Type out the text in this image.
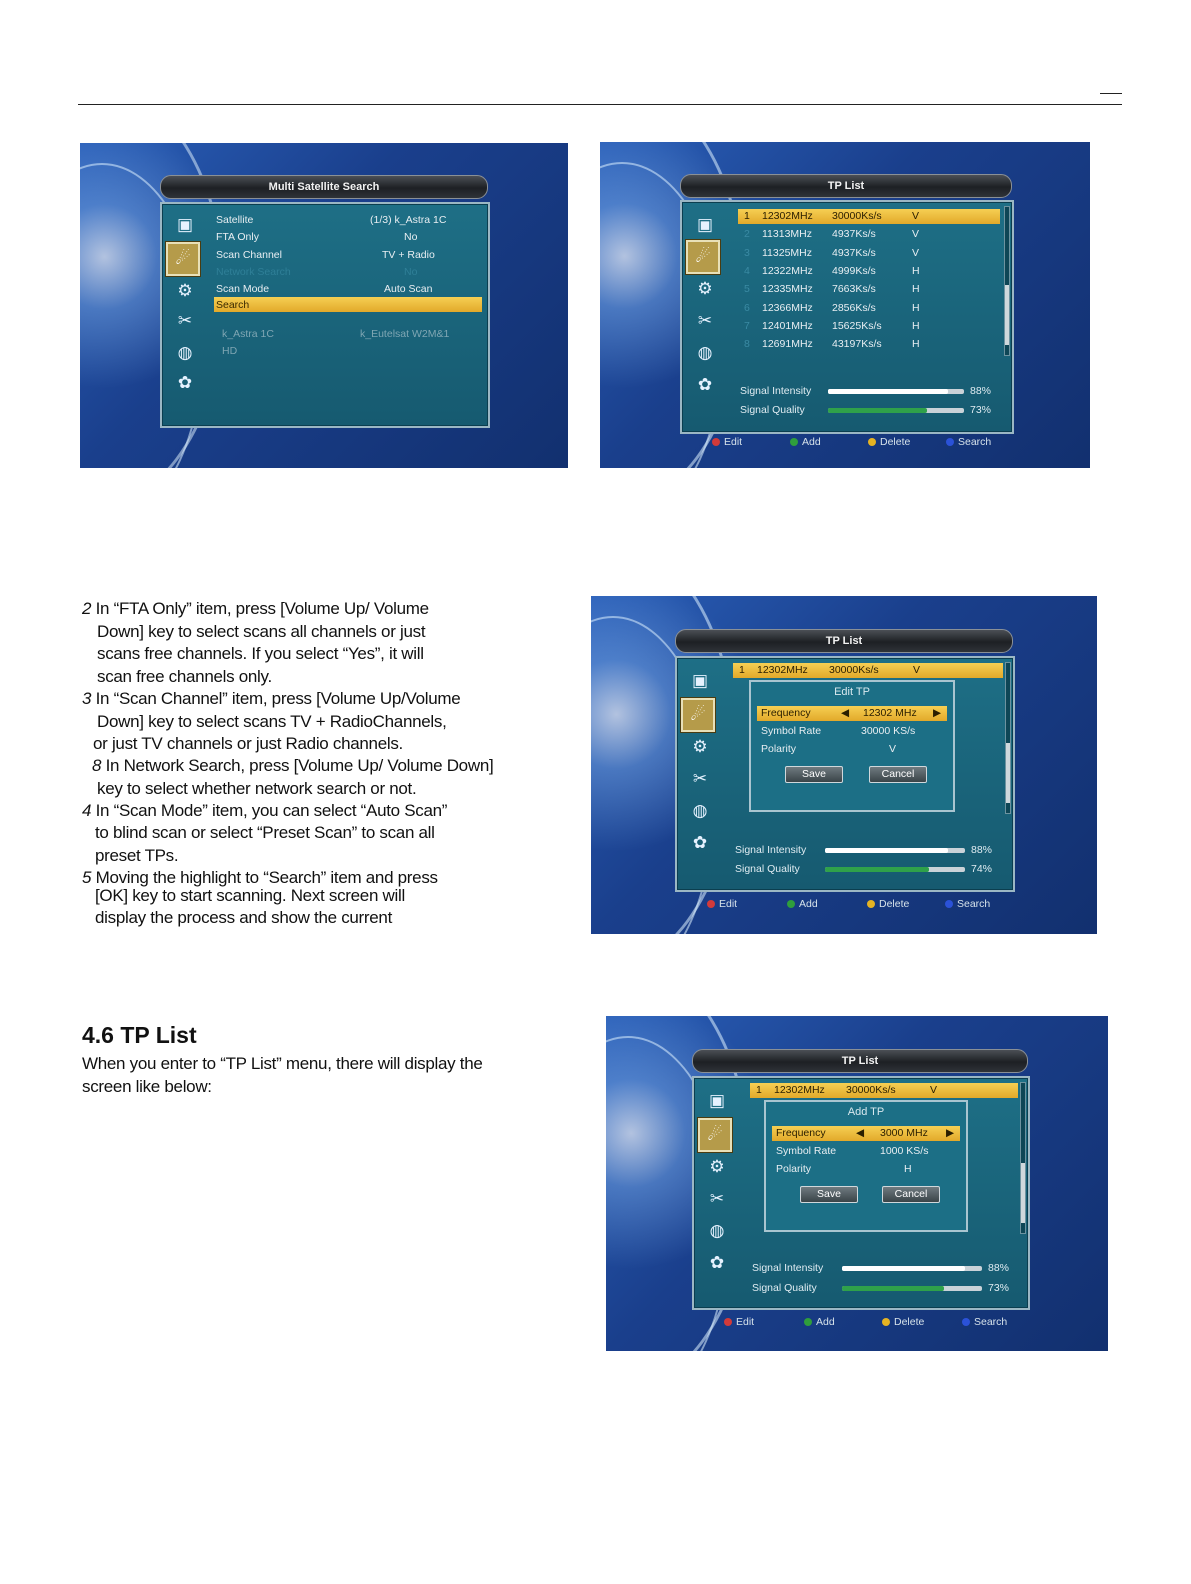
Multi Satellite Search
▣
☄
⚙
✂
◍
✿
Satellite	(1/3) k_Astra 1C
FTA Only	No
Scan Channel	TV + Radio
Network Search	No
Scan Mode	Auto Scan
Search
k_Astra 1C	k_Eutelsat W2M&1
HD
TP List
▣
☄
⚙
✂
◍
✿
1 12302MHz 30000Ks/s	V
2 11313MHz 4937Ks/s	V
3 11325MHz 4937Ks/s	V
4 12322MHz 4999Ks/s	H
5 12335MHz 7663Ks/s	H
6 12366MHz 2856Ks/s	H
7 12401MHz 15625Ks/s	H
8 12691MHz 43197Ks/s	H
Signal Intensity	88%
Signal Quality	73%
Edit	Add	Delete	Search
2 In “FTA Only” item, press [Volume Up/ Volume
Down] key to select scans all channels or just
scans free channels. If you select “Yes”, it will
scan free channels only.
3 In “Scan Channel” item, press [Volume Up/Volume
Down] key to select scans TV + RadioChannels,
or just TV channels or just Radio channels.
8 In Network Search, press [Volume Up/ Volume Down]
key to select whether network search or not.
4 In “Scan Mode” item, you can select “Auto Scan”
to blind scan or select “Preset Scan” to scan all
preset TPs.
5 Moving the highlight to “Search” item and press
[OK] key to start scanning. Next screen will
display the process and show the current
TP List
▣
☄
⚙
✂
◍
✿
1 12302MHz 30000Ks/s	V
Signal Intensity	88%
Signal Quality	74%
Edit TP
Frequency	◀ 12302 MHz ▶
Symbol Rate	30000 KS/s
Polarity	V
Save	Cancel
Edit	Add	Delete	Search
4.6 TP List
When you enter to “TP List” menu, there will display the
screen like below:
TP List
▣
☄
⚙
✂
◍
✿
1 12302MHz 30000Ks/s	V
Signal Intensity	88%
Signal Quality	73%
Add TP
Frequency	◀ 3000 MHz ▶
Symbol Rate	1000 KS/s
Polarity	H
Save	Cancel
Edit	Add	Delete	Search
